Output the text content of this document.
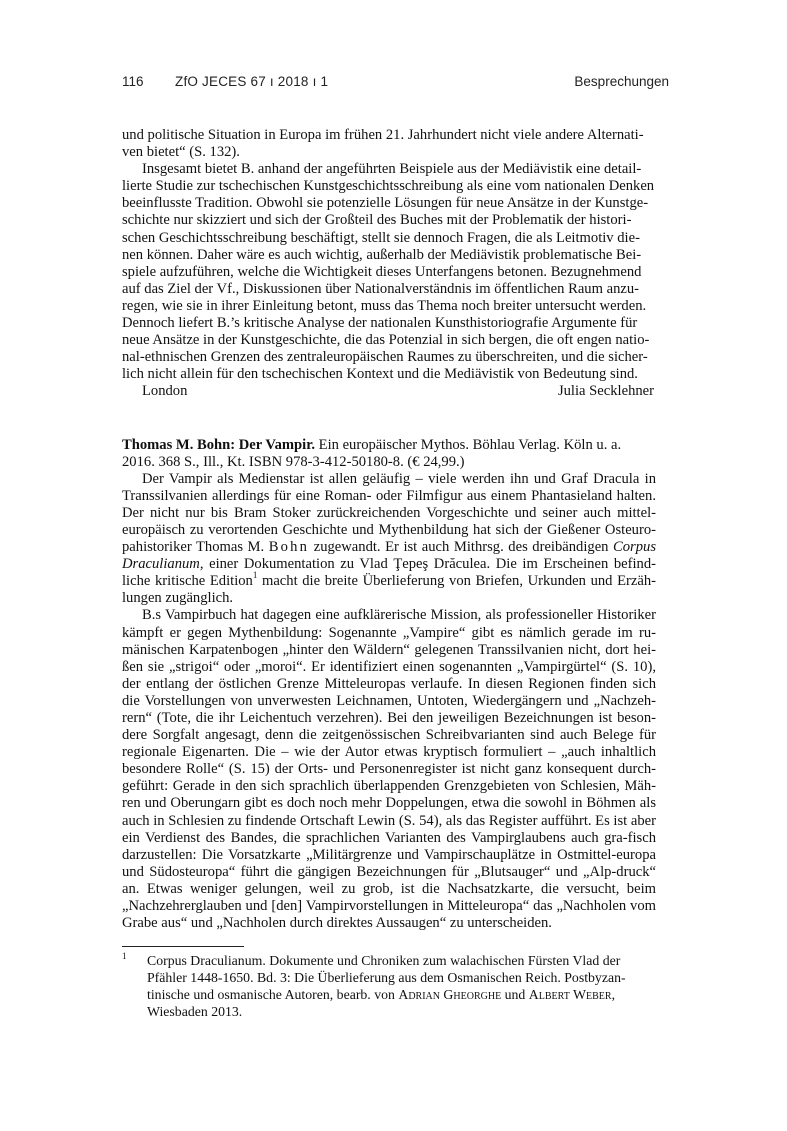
116 ZfO JECES 67 ı 2018 ı 1	Besprechungen

und politische Situation in Europa im frühen 21. Jahrhundert nicht viele andere Alternati-
ven bietet“ (S. 132).

Insgesamt bietet B. anhand der angeführten Beispiele aus der Mediävistik eine detail-
lierte Studie zur tschechischen Kunstgeschichtsschreibung als eine vom nationalen Denken
beeinflusste Tradition. Obwohl sie potenzielle Lösungen für neue Ansätze in der Kunstge-
schichte nur skizziert und sich der Großteil des Buches mit der Problematik der histori-
schen Geschichtsschreibung beschäftigt, stellt sie dennoch Fragen, die als Leitmotiv die-
nen können. Daher wäre es auch wichtig, außerhalb der Mediävistik problematische Bei-
spiele aufzuführen, welche die Wichtigkeit dieses Unterfangens betonen. Bezugnehmend
auf das Ziel der Vf., Diskussionen über Nationalverständnis im öffentlichen Raum anzu-
regen, wie sie in ihrer Einleitung betont, muss das Thema noch breiter untersucht werden.
Dennoch liefert B.’s kritische Analyse der nationalen Kunsthistoriografie Argumente für
neue Ansätze in der Kunstgeschichte, die das Potenzial in sich bergen, die oft engen natio-
nal-ethnischen Grenzen des zentraleuropäischen Raumes zu überschreiten, und die sicher-
lich nicht allein für den tschechischen Kontext und die Mediävistik von Bedeutung sind.

London	Julia Secklehner

Thomas M. Bohn: Der Vampir. Ein europäischer Mythos. Böhlau Verlag. Köln u. a.
2016. 368 S., Ill., Kt. ISBN 978-3-412-50180-8. (€ 24,99.)

Der Vampir als Medienstar ist allen geläufig – viele werden ihn und Graf Dracula in Transsilvanien allerdings für eine Roman- oder Filmfigur aus einem Phantasieland halten. Der nicht nur bis Bram Stoker zurückreichenden Vorgeschichte und seiner auch mittel-europäisch zu verortenden Geschichte und Mythenbildung hat sich der Gießener Osteuro-pahistoriker Thomas M. Bohn zugewandt. Er ist auch Mithrsg. des dreibändigen Corpus Draculianum, einer Dokumentation zu Vlad Ţepeş Drăculea. Die im Erscheinen befind-liche kritische Edition$^1$ macht die breite Überlieferung von Briefen, Urkunden und Erzäh-lungen zugänglich.

B.s Vampirbuch hat dagegen eine aufklärerische Mission, als professioneller Historiker kämpft er gegen Mythenbildung: Sogenannte „Vampire“ gibt es nämlich gerade im ru-mänischen Karpatenbogen „hinter den Wäldern“ gelegenen Transsilvanien nicht, dort hei-ßen sie „strigoi“ oder „moroi“. Er identifiziert einen sogenannten „Vampirgürtel“ (S. 10), der entlang der östlichen Grenze Mitteleuropas verlaufe. In diesen Regionen finden sich die Vorstellungen von unverwesten Leichnamen, Untoten, Wiedergängern und „Nachzeh-rern“ (Tote, die ihr Leichentuch verzehren). Bei den jeweiligen Bezeichnungen ist beson-dere Sorgfalt angesagt, denn die zeitgenössischen Schreibvarianten sind auch Belege für regionale Eigenarten. Die – wie der Autor etwas kryptisch formuliert – „auch inhaltlich besondere Rolle“ (S. 15) der Orts- und Personenregister ist nicht ganz konsequent durch-geführt: Gerade in den sich sprachlich überlappenden Grenzgebieten von Schlesien, Mäh-ren und Oberungarn gibt es doch noch mehr Doppelungen, etwa die sowohl in Böhmen als auch in Schlesien zu findende Ortschaft Lewin (S. 54), als das Register aufführt. Es ist aber ein Verdienst des Bandes, die sprachlichen Varianten des Vampirglaubens auch gra-fisch darzustellen: Die Vorsatzkarte „Militärgrenze und Vampirschauplätze in Ostmittel-europa und Südosteuropa“ führt die gängigen Bezeichnungen für „Blutsauger“ und „Alp-druck“ an. Etwas weniger gelungen, weil zu grob, ist die Nachsatzkarte, die versucht, beim „Nachzehrerglauben und [den] Vampirvorstellungen in Mitteleuropa“ das „Nachholen vom Grabe aus“ und „Nachholen durch direktes Aussaugen“ zu unterscheiden.

1 Corpus Draculianum. Dokumente und Chroniken zum walachischen Fürsten Vlad der Pfähler 1448-1650. Bd. 3: Die Überlieferung aus dem Osmanischen Reich. Postbyzan-tinische und osmanische Autoren, bearb. von Adrian Gheorghe und Albert Weber, Wiesbaden 2013.
